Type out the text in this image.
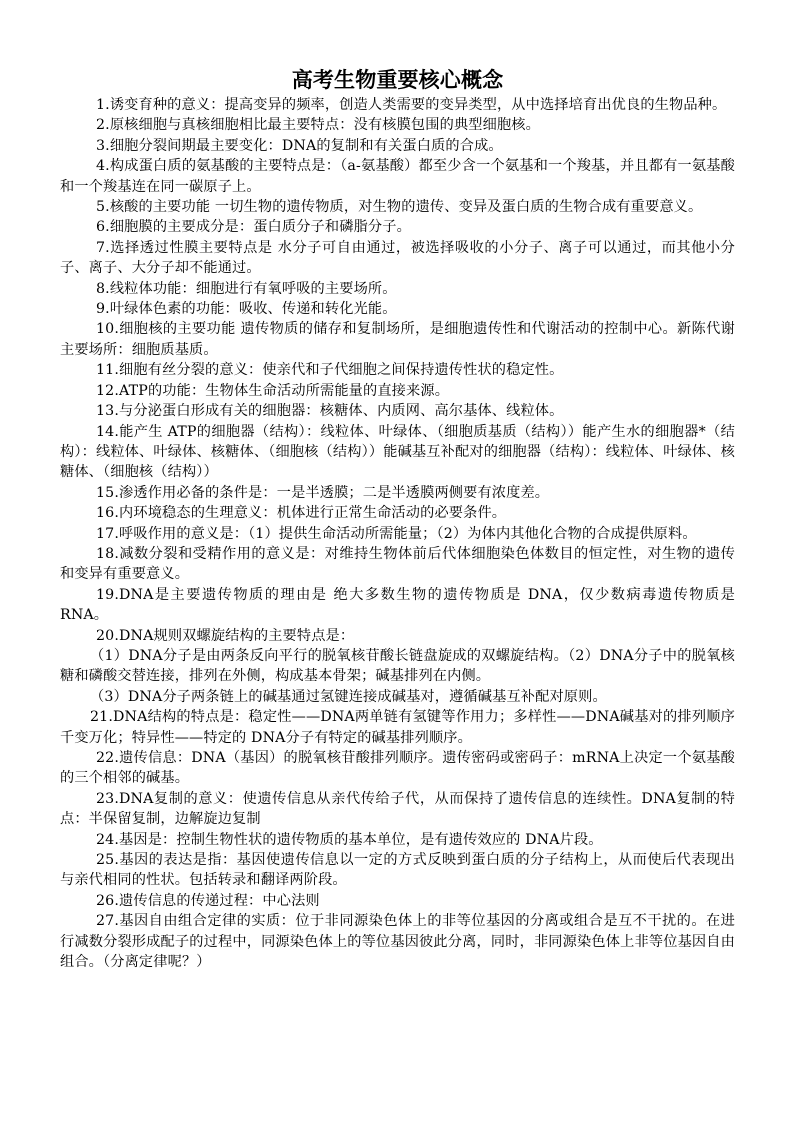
高考生物重要核心概念

1.诱变育种的意义：提高变异的频率，创造人类需要的变异类型，从中选择培育出优良的生物品种。

2.原核细胞与真核细胞相比最主要特点：没有核膜包围的典型细胞核。

3.细胞分裂间期最主要变化：DNA的复制和有关蛋白质的合成。

4.构成蛋白质的氨基酸的主要特点是：（a-氨基酸）都至少含一个氨基和一个羧基，并且都有一氨基酸和一个羧基连在同一碳原子上。

5.核酸的主要功能 一切生物的遗传物质，对生物的遗传、变异及蛋白质的生物合成有重要意义。

6.细胞膜的主要成分是：蛋白质分子和磷脂分子。

7.选择透过性膜主要特点是 水分子可自由通过，被选择吸收的小分子、离子可以通过，而其他小分子、离子、大分子却不能通过。

8.线粒体功能：细胞进行有氧呼吸的主要场所。

9.叶绿体色素的功能：吸收、传递和转化光能。

10.细胞核的主要功能 遗传物质的储存和复制场所，是细胞遗传性和代谢活动的控制中心。新陈代谢主要场所：细胞质基质。

11.细胞有丝分裂的意义：使亲代和子代细胞之间保持遗传性状的稳定性。

12.ATP的功能：生物体生命活动所需能量的直接来源。

13.与分泌蛋白形成有关的细胞器：核糖体、内质网、高尔基体、线粒体。

14.能产生 ATP的细胞器（结构）：线粒体、叶绿体、（细胞质基质（结构））能产生水的细胞器*（结构）：线粒体、叶绿体、核糖体、（细胞核（结构））能碱基互补配对的细胞器（结构）：线粒体、叶绿体、核糖体、（细胞核（结构））

15.渗透作用必备的条件是：一是半透膜；二是半透膜两侧要有浓度差。

16.内环境稳态的生理意义：机体进行正常生命活动的必要条件。

17.呼吸作用的意义是：（1）提供生命活动所需能量；（2）为体内其他化合物的合成提供原料。

18.减数分裂和受精作用的意义是：对维持生物体前后代体细胞染色体数目的恒定性，对生物的遗传和变异有重要意义。

19.DNA是主要遗传物质的理由是 绝大多数生物的遗传物质是 DNA，仅少数病毒遗传物质是 RNA。

20.DNA规则双螺旋结构的主要特点是：

（1）DNA分子是由两条反向平行的脱氧核苷酸长链盘旋成的双螺旋结构。（2）DNA分子中的脱氧核糖和磷酸交替连接，排列在外侧，构成基本骨架；碱基排列在内侧。

（3）DNA分子两条链上的碱基通过氢键连接成碱基对，遵循碱基互补配对原则。

21.DNA结构的特点是：稳定性——DNA两单链有氢键等作用力；多样性——DNA碱基对的排列顺序千变万化；特异性——特定的 DNA分子有特定的碱基排列顺序。

22.遗传信息：DNA（基因）的脱氧核苷酸排列顺序。遗传密码或密码子：mRNA上决定一个氨基酸的三个相邻的碱基。

23.DNA复制的意义：使遗传信息从亲代传给子代，从而保持了遗传信息的连续性。DNA复制的特点：半保留复制，边解旋边复制

24.基因是：控制生物性状的遗传物质的基本单位，是有遗传效应的 DNA片段。

25.基因的表达是指：基因使遗传信息以一定的方式反映到蛋白质的分子结构上，从而使后代表现出与亲代相同的性状。包括转录和翻译两阶段。

26.遗传信息的传递过程：中心法则

27.基因自由组合定律的实质：位于非同源染色体上的非等位基因的分离或组合是互不干扰的。在进行减数分裂形成配子的过程中，同源染色体上的等位基因彼此分离，同时，非同源染色体上非等位基因自由组合。（分离定律呢？）
